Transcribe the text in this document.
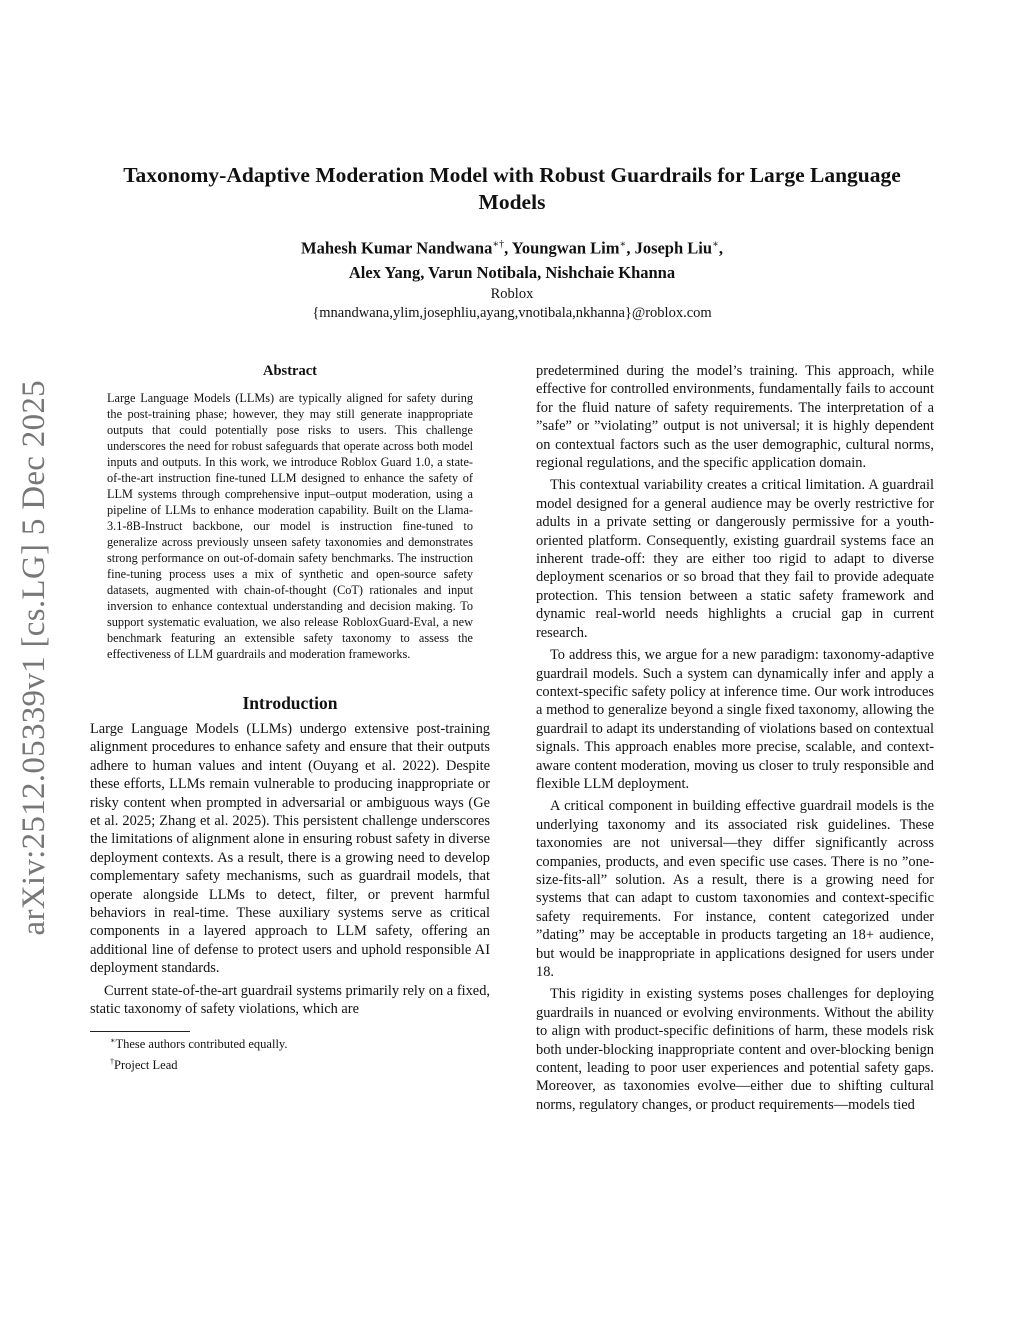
arXiv:2512.05339v1 [cs.LG] 5 Dec 2025
Taxonomy-Adaptive Moderation Model with Robust Guardrails for Large Language Models
Mahesh Kumar Nandwana∗†, Youngwan Lim∗, Joseph Liu∗,
Alex Yang, Varun Notibala, Nishchaie Khanna
Roblox
{mnandwana,ylim,josephliu,ayang,vnotibala,nkhanna}@roblox.com
Abstract

Large Language Models (LLMs) are typically aligned for safety during the post-training phase; however, they may still generate inappropriate outputs that could potentially pose risks to users. This challenge underscores the need for robust safeguards that operate across both model inputs and outputs. In this work, we introduce Roblox Guard 1.0, a state-of-the-art instruction fine-tuned LLM designed to enhance the safety of LLM systems through comprehensive input–output moderation, using a pipeline of LLMs to enhance moderation capability. Built on the Llama-3.1-8B-Instruct backbone, our model is instruction fine-tuned to generalize across previously unseen safety taxonomies and demonstrates strong performance on out-of-domain safety benchmarks. The instruction fine-tuning process uses a mix of synthetic and open-source safety datasets, augmented with chain-of-thought (CoT) rationales and input inversion to enhance contextual understanding and decision making. To support systematic evaluation, we also release RobloxGuard-Eval, a new benchmark featuring an extensible safety taxonomy to assess the effectiveness of LLM guardrails and moderation frameworks.

Introduction

Large Language Models (LLMs) undergo extensive post-training alignment procedures to enhance safety and ensure that their outputs adhere to human values and intent (Ouyang et al. 2022). Despite these efforts, LLMs remain vulnerable to producing inappropriate or risky content when prompted in adversarial or ambiguous ways (Ge et al. 2025; Zhang et al. 2025). This persistent challenge underscores the limitations of alignment alone in ensuring robust safety in diverse deployment contexts. As a result, there is a growing need to develop complementary safety mechanisms, such as guardrail models, that operate alongside LLMs to detect, filter, or prevent harmful behaviors in real-time. These auxiliary systems serve as critical components in a layered approach to LLM safety, offering an additional line of defense to protect users and uphold responsible AI deployment standards.

Current state-of-the-art guardrail systems primarily rely on a fixed, static taxonomy of safety violations, which are

∗These authors contributed equally.
†Project Lead

predetermined during the model’s training. This approach, while effective for controlled environments, fundamentally fails to account for the fluid nature of safety requirements. The interpretation of a ”safe” or ”violating” output is not universal; it is highly dependent on contextual factors such as the user demographic, cultural norms, regional regulations, and the specific application domain.

This contextual variability creates a critical limitation. A guardrail model designed for a general audience may be overly restrictive for adults in a private setting or dangerously permissive for a youth-oriented platform. Consequently, existing guardrail systems face an inherent trade-off: they are either too rigid to adapt to diverse deployment scenarios or so broad that they fail to provide adequate protection. This tension between a static safety framework and dynamic real-world needs highlights a crucial gap in current research.

To address this, we argue for a new paradigm: taxonomy-adaptive guardrail models. Such a system can dynamically infer and apply a context-specific safety policy at inference time. Our work introduces a method to generalize beyond a single fixed taxonomy, allowing the guardrail to adapt its understanding of violations based on contextual signals. This approach enables more precise, scalable, and context-aware content moderation, moving us closer to truly responsible and flexible LLM deployment.

A critical component in building effective guardrail models is the underlying taxonomy and its associated risk guidelines. These taxonomies are not universal—they differ significantly across companies, products, and even specific use cases. There is no ”one-size-fits-all” solution. As a result, there is a growing need for systems that can adapt to custom taxonomies and context-specific safety requirements. For instance, content categorized under ”dating” may be acceptable in products targeting an 18+ audience, but would be inappropriate in applications designed for users under 18.

This rigidity in existing systems poses challenges for deploying guardrails in nuanced or evolving environments. Without the ability to align with product-specific definitions of harm, these models risk both under-blocking inappropriate content and over-blocking benign content, leading to poor user experiences and potential safety gaps. Moreover, as taxonomies evolve—either due to shifting cultural norms, regulatory changes, or product requirements—models tied
